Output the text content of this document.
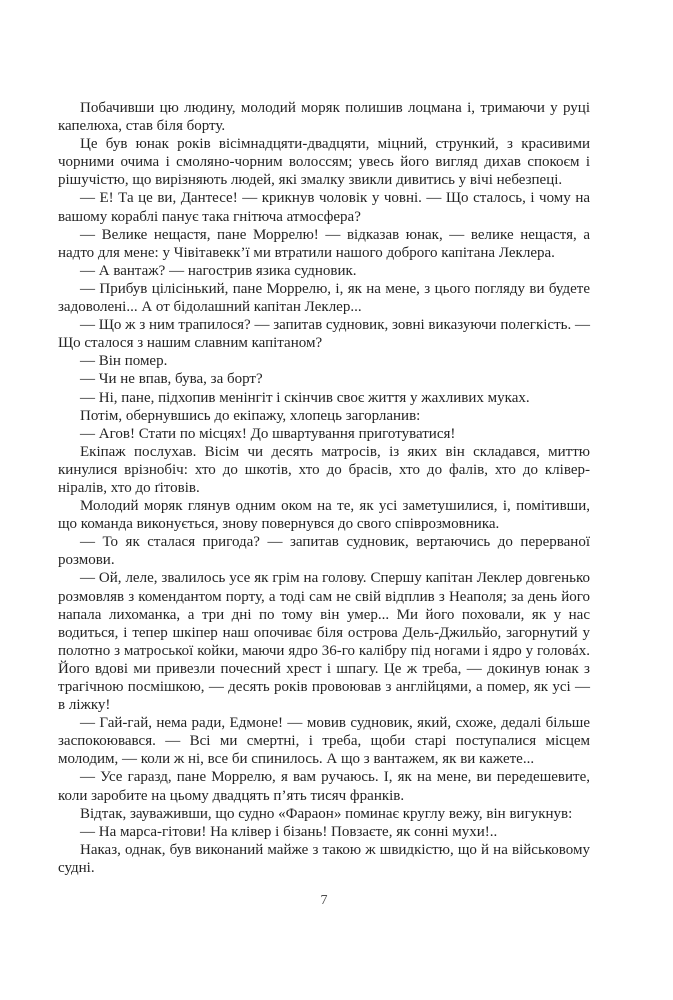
Побачивши цю людину, молодий моряк полишив лоцмана і, тримаючи у руці капелюха, став біля борту.

Це був юнак років вісімнадцяти-двадцяти, міцний, стрункий, з красивими чорними очима і смоляно-чорним волоссям; увесь його вигляд дихав спокоєм і рішучістю, що вирізняють людей, які змалку звикли дивитись у вічі небезпеці.

— Е! Та це ви, Дантесе! — крикнув чоловік у човні. — Що сталось, і чому на вашому кораблі панує така гнітюча атмосфера?

— Велике нещастя, пане Моррелю! — відказав юнак, — велике нещастя, а надто для мене: у Чівітавекк’ї ми втратили нашого доброго капітана Леклера.

— А вантаж? — нагострив язика судновик.

— Прибув цілісінький, пане Моррелю, і, як на мене, з цього погляду ви будете задоволені... А от бідолашний капітан Леклер...

— Що ж з ним трапилося? — запитав судновик, зовні виказуючи полегкість. — Що сталося з нашим славним капітаном?

— Він помер.

— Чи не впав, бува, за борт?

— Ні, пане, підхопив менінгіт і скінчив своє життя у жахливих муках.

Потім, обернувшись до екіпажу, хлопець загорланив:

— Агов! Стати по місцях! До швартування приготуватися!

Екіпаж послухав. Вісім чи десять матросів, із яких він складався, миттю кинулися врізнобіч: хто до шкотів, хто до брасів, хто до фалів, хто до клівер-ніралів, хто до ґітовів.

Молодий моряк глянув одним оком на те, як усі заметушилися, і, помітивши, що команда виконується, знову повернувся до свого співрозмовника.

— То як сталася пригода? — запитав судновик, вертаючись до перерваної розмови.

— Ой, леле, звалилось усе як грім на голову. Спершу капітан Леклер довгенько розмовляв з комендантом порту, а тоді сам не свій відплив з Неаполя; за день його напала лихоманка, а три дні по тому він умер... Ми його поховали, як у нас водиться, і тепер шкіпер наш опочиває біля острова Дель-Джильйо, загорнутий у полотно з матроської койки, маючи ядро 36-го калібру під ногами і ядро у головáх. Його вдові ми привезли почесний хрест і шпагу. Це ж треба, — докинув юнак з трагічною посмішкою, — десять років провоював з англійцями, а помер, як усі — в ліжку!

— Гай-гай, нема ради, Едмоне! — мовив судновик, який, схоже, дедалі більше заспокоювався. — Всі ми смертні, і треба, щоби старі поступалися місцем молодим, — коли ж ні, все би спинилось. А що з вантажем, як ви кажете...

— Усе гаразд, пане Моррелю, я вам ручаюсь. І, як на мене, ви передешевите, коли заробите на цьому двадцять п’ять тисяч франків.

Відтак, зауваживши, що судно «Фараон» поминає круглу вежу, він вигукнув:

— На марса-гітови! На клівер і бізань! Повзаєте, як сонні мухи!..

Наказ, однак, був виконаний майже з такою ж швидкістю, що й на військовому судні.

7
